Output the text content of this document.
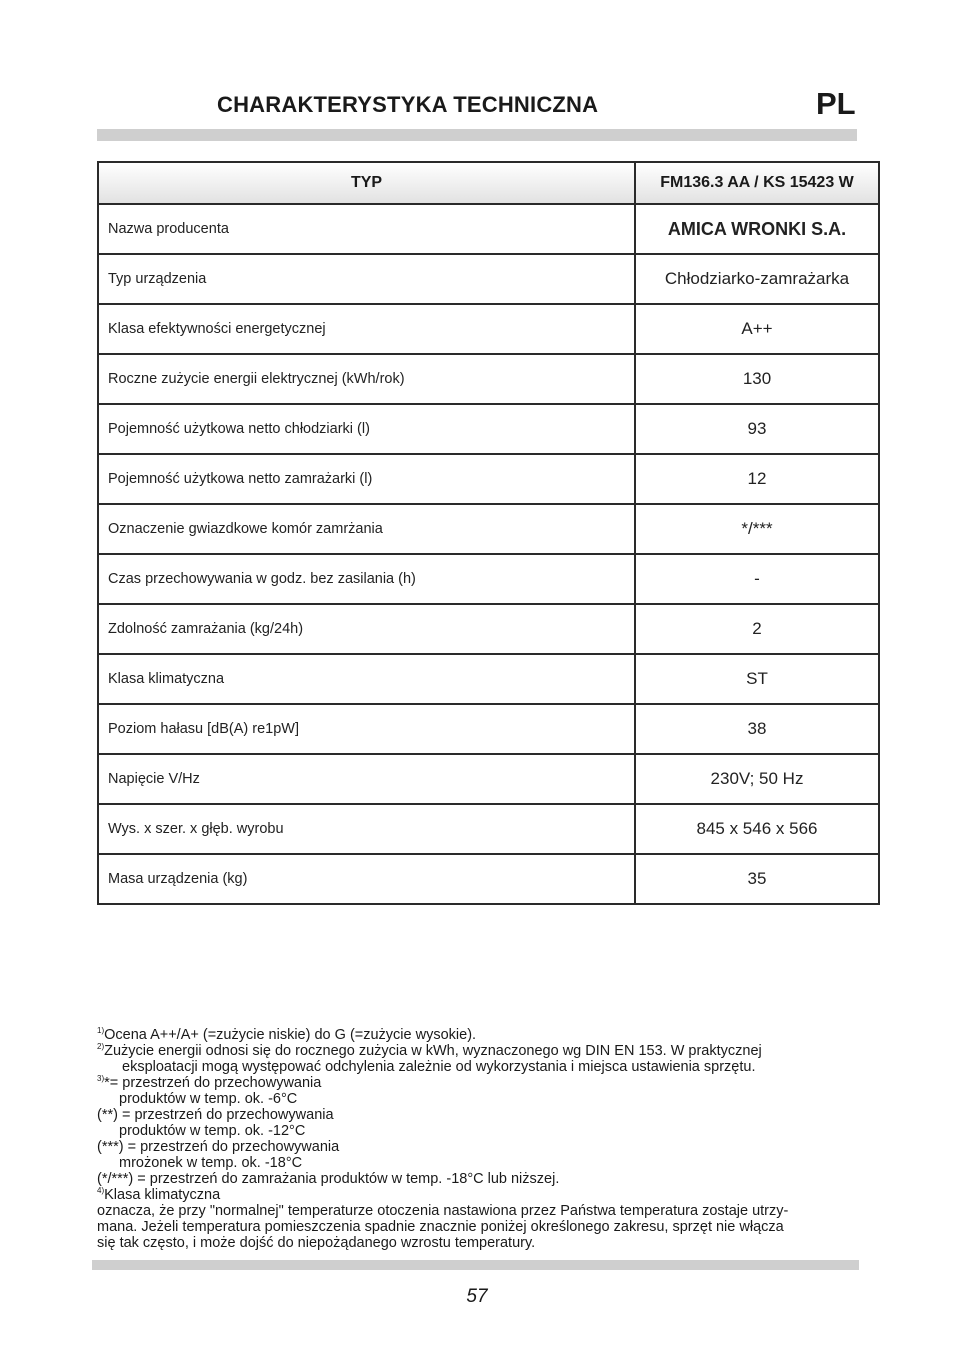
CHARAKTERYSTYKA TECHNICZNA	PL
TYP	FM136.3 AA / KS 15423 W
Nazwa producenta	AMICA WRONKI S.A.
Typ urządzenia	Chłodziarko-zamrażarka
Klasa efektywności energetycznej	A++
Roczne zużycie energii elektrycznej (kWh/rok)	130
Pojemność użytkowa netto chłodziarki (l)	93
Pojemność użytkowa netto zamrażarki (l)	12
Oznaczenie gwiazdkowe komór zamrżania	*/***
Czas przechowywania w godz. bez zasilania (h)	-
Zdolność zamrażania (kg/24h)	2
Klasa klimatyczna	ST
Poziom hałasu [dB(A) re1pW]	38
Napięcie V/Hz	230V; 50 Hz
Wys. x szer. x głęb. wyrobu	845 x 546 x 566
Masa urządzenia (kg)	35
$^{1)}$Ocena A++/A+ (=zużycie niskie) do G (=zużycie wysokie).
$^{2)}$Zużycie energii odnosi się do rocznego zużycia w kWh, wyznaczonego wg DIN EN 153. W praktycznej
eksploatacji mogą występować odchylenia zależnie od wykorzystania i miejsca ustawienia sprzętu.
$^{3)}$*= przestrzeń do przechowywania
produktów w temp. ok. -6°C
(**) = przestrzeń do przechowywania
produktów w temp. ok. -12°C
(***) = przestrzeń do przechowywania
mrożonek w temp. ok. -18°C
(*/***) = przestrzeń do zamrażania produktów w temp. -18°C lub niższej.
$^{4)}$Klasa klimatyczna
oznacza, że przy "normalnej" temperaturze otoczenia nastawiona przez Państwa temperatura zostaje utrzy-
mana. Jeżeli temperatura pomieszczenia spadnie znacznie poniżej określonego zakresu, sprzęt nie włącza
się tak często, i może dojść do niepożądanego wzrostu temperatury.
57
